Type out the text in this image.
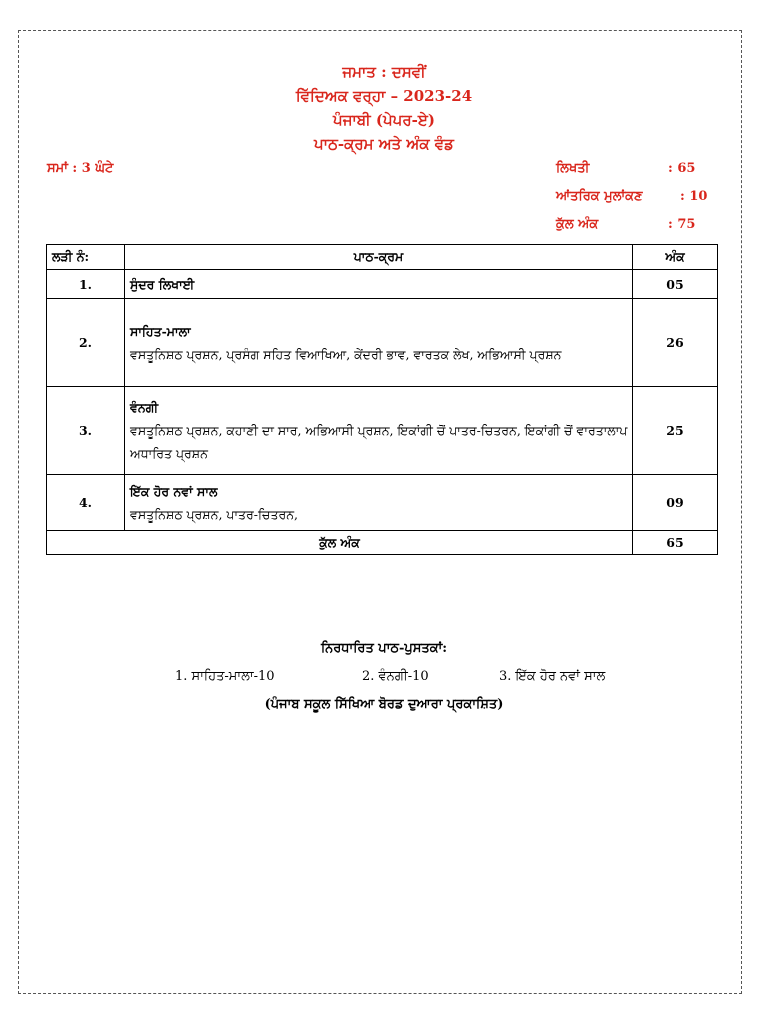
ਜਮਾਤ : ਦਸਵੀਂ
ਵਿੱਦਿਅਕ ਵਰ੍ਹਾ – 2023-24
ਪੰਜਾਬੀ (ਪੇਪਰ-ਏ)
ਪਾਠ-ਕ੍ਰਮ ਅਤੇ ਅੰਕ ਵੰਡ
ਸਮਾਂ : 3 ਘੰਟੇ	ਲਿਖਤੀ	: 65
ਆਂਤਰਿਕ ਮੁਲਾਂਕਣ	: 10
ਕੁੱਲ ਅੰਕ	: 75
ਲੜੀ ਨੰ:	ਪਾਠ-ਕ੍ਰਮ	ਅੰਕ
1.	ਸੁੰਦਰ ਲਿਖਾਈ	05
2.	ਸਾਹਿਤ-ਮਾਲਾ
ਵਸਤੂਨਿਸ਼ਠ ਪ੍ਰਸ਼ਨ, ਪ੍ਰਸੰਗ ਸਹਿਤ ਵਿਆਖਿਆ, ਕੇਂਦਰੀ ਭਾਵ, ਵਾਰਤਕ ਲੇਖ, ਅਭਿਆਸੀ ਪ੍ਰਸ਼ਨ	26
3.	ਵੰਨਗੀ
ਵਸਤੂਨਿਸ਼ਠ ਪ੍ਰਸ਼ਨ, ਕਹਾਣੀ ਦਾ ਸਾਰ, ਅਭਿਆਸੀ ਪ੍ਰਸ਼ਨ, ਇਕਾਂਗੀ ਚੋਂ ਪਾਤਰ-ਚਿਤਰਨ, ਇਕਾਂਗੀ ਚੋਂ ਵਾਰਤਾਲਾਪ ਅਧਾਰਿਤ ਪ੍ਰਸ਼ਨ	25
4.	ਇੱਕ ਹੋਰ ਨਵਾਂ ਸਾਲ
ਵਸਤੂਨਿਸ਼ਠ ਪ੍ਰਸ਼ਨ, ਪਾਤਰ-ਚਿਤਰਨ,	09
ਕੁੱਲ ਅੰਕ		65
ਨਿਰਧਾਰਿਤ ਪਾਠ-ਪੁਸਤਕਾਂ:
1. ਸਾਹਿਤ-ਮਾਲਾ-10	2. ਵੰਨਗੀ-10	3. ਇੱਕ ਹੋਰ ਨਵਾਂ ਸਾਲ
(ਪੰਜਾਬ ਸਕੂਲ ਸਿੱਖਿਆ ਬੋਰਡ ਦੁਆਰਾ ਪ੍ਰਕਾਸ਼ਿਤ)
